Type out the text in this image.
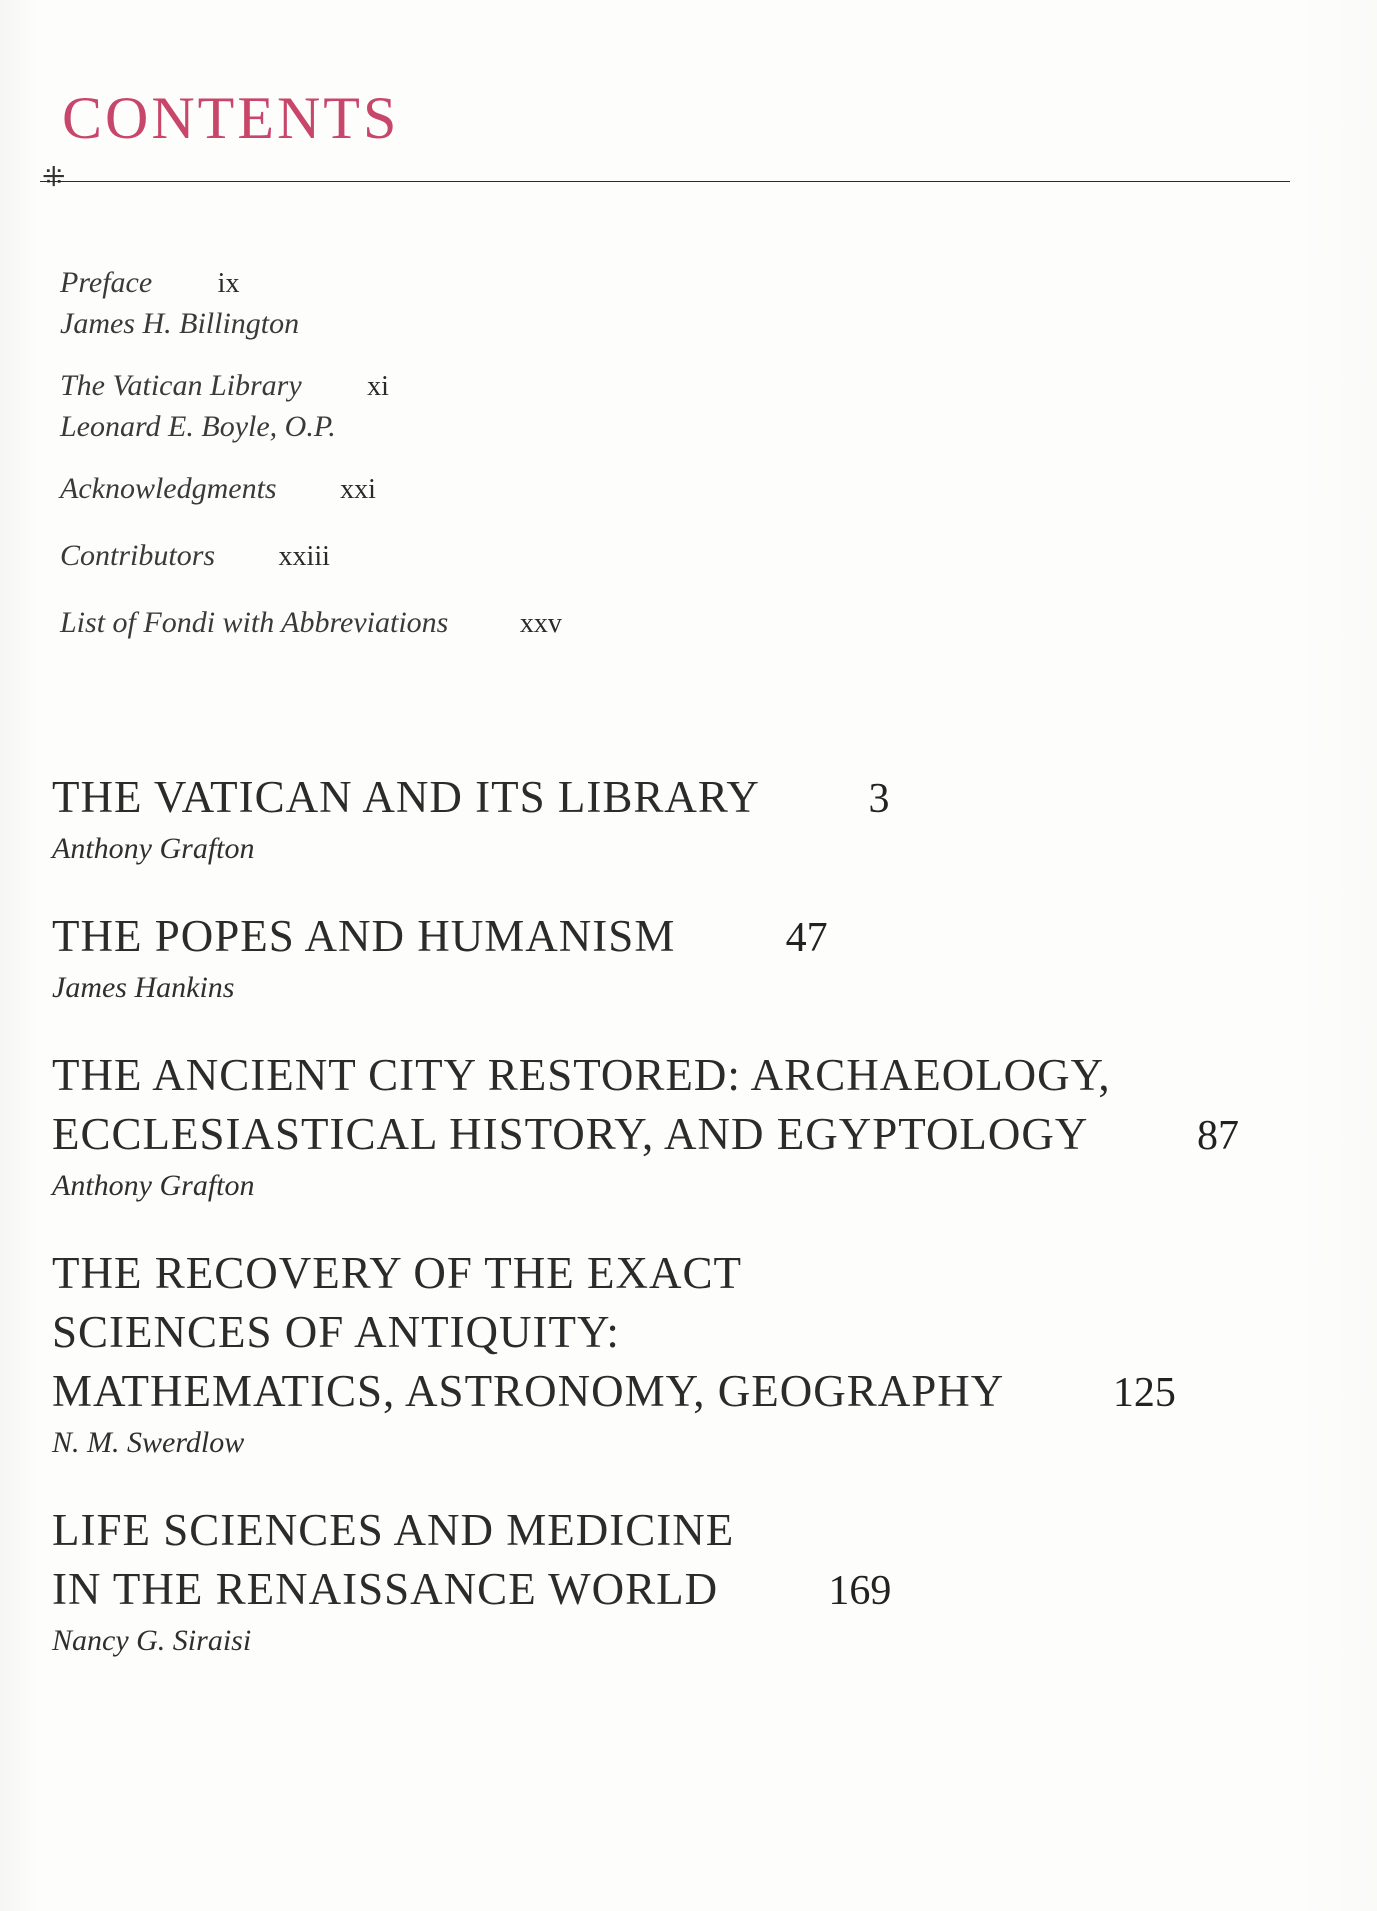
CONTENTS
⁜
Preface ix
James H. Billington
The Vatican Library xi
Leonard E. Boyle, O.P.
Acknowledgments xxi
Contributors xxiii
List of Fondi with Abbreviations	xxv
THE VATICAN AND ITS LIBRARY	3
Anthony Grafton
THE POPES AND HUMANISM	47
James Hankins
THE ANCIENT CITY RESTORED: ARCHAEOLOGY,
ECCLESIASTICAL HISTORY, AND EGYPTOLOGY	87
Anthony Grafton
THE RECOVERY OF THE EXACT
SCIENCES OF ANTIQUITY:
MATHEMATICS, ASTRONOMY, GEOGRAPHY	125
N. M. Swerdlow
LIFE SCIENCES AND MEDICINE
IN THE RENAISSANCE WORLD	169
Nancy G. Siraisi
